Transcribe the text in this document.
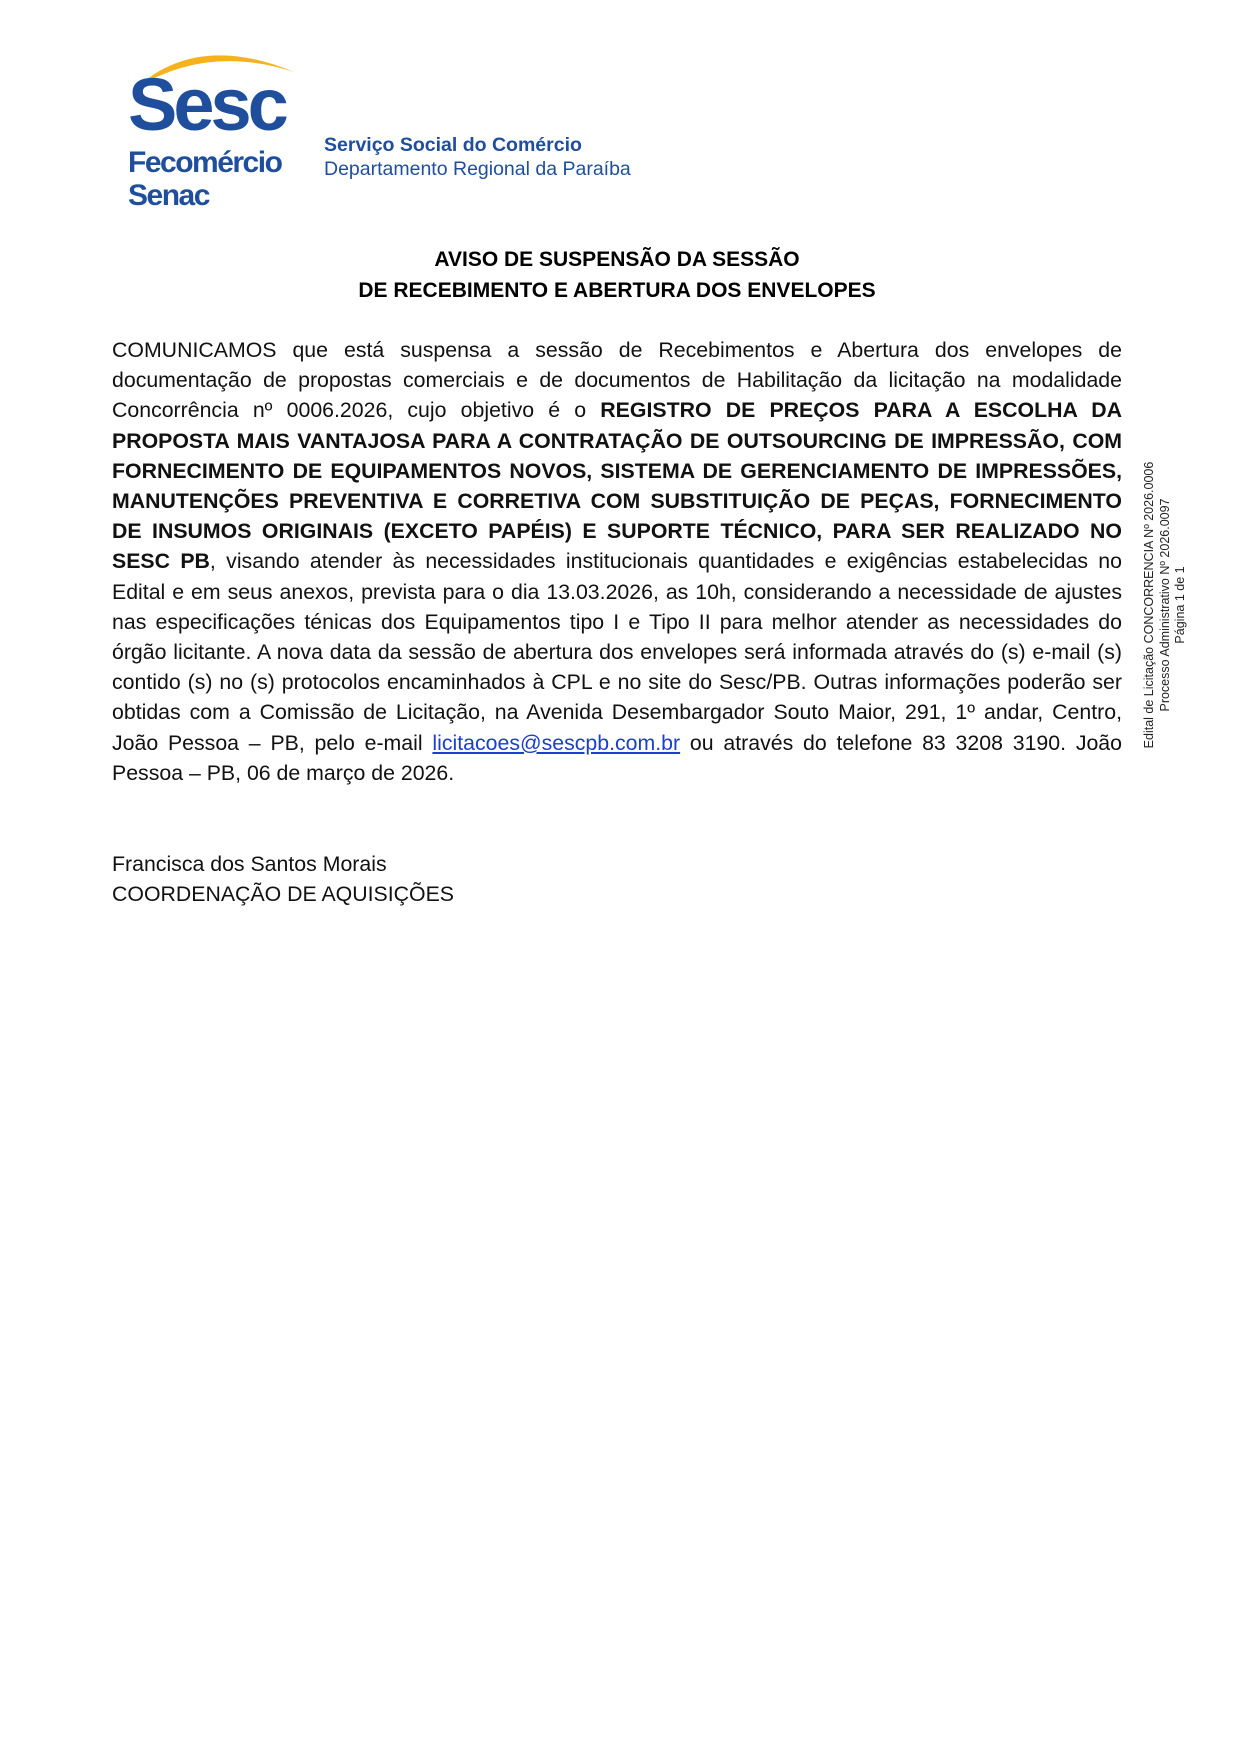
Sesc
Fecomércio
Senac
Serviço Social do Comércio
Departamento Regional da Paraíba
AVISO DE SUSPENSÃO DA SESSÃO
DE RECEBIMENTO E ABERTURA DOS ENVELOPES
COMUNICAMOS que está suspensa a sessão de Recebimentos e Abertura dos envelopes de documentação de propostas comerciais e de documentos de Habilitação da licitação na modalidade Concorrência nº 0006.2026, cujo objetivo é o REGISTRO DE PREÇOS PARA A ESCOLHA DA PROPOSTA MAIS VANTAJOSA PARA A CONTRATAÇÃO DE OUTSOURCING DE IMPRESSÃO, COM FORNECIMENTO DE EQUIPAMENTOS NOVOS, SISTEMA DE GERENCIAMENTO DE IMPRESSÕES, MANUTENÇÕES PREVENTIVA E CORRETIVA COM SUBSTITUIÇÃO DE PEÇAS, FORNECIMENTO DE INSUMOS ORIGINAIS (EXCETO PAPÉIS) E SUPORTE TÉCNICO, PARA SER REALIZADO NO SESC PB, visando atender às necessidades institucionais quantidades e exigências estabelecidas no Edital e em seus anexos, prevista para o dia 13.03.2026, as 10h, considerando a necessidade de ajustes nas especificações ténicas dos Equipamentos tipo I e Tipo II para melhor atender as necessidades do órgão licitante. A nova data da sessão de abertura dos envelopes será informada através do (s) e-mail (s) contido (s) no (s) protocolos encaminhados à CPL e no site do Sesc/PB. Outras informações poderão ser obtidas com a Comissão de Licitação, na Avenida Desembargador Souto Maior, 291, 1º andar, Centro, João Pessoa – PB, pelo e-mail licitacoes@sescpb.com.br ou através do telefone 83 3208 3190. João Pessoa – PB, 06 de março de 2026.
Francisca dos Santos Morais
COORDENAÇÃO DE AQUISIÇÕES
Edital de Licitação CONCORRENCIA Nº 2026.0006 Processo Administrativo Nº 2026.0097 Página 1 de 1
